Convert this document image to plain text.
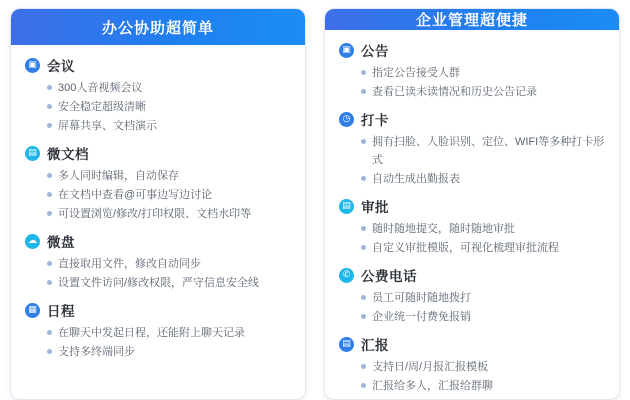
办公协助超简单
▣ 会议
300人音视频会议
安全稳定超级清晰
屏幕共享、文档演示
▤ 微文档
多人同时编辑，自动保存
在文档中查看@可事边写边讨论
可设置浏览/修改/打印权限、文档水印等
☁ 微盘
直接取用文件，修改自动同步
设置文件访问/修改权限，严守信息安全线
▦ 日程
在聊天中发起日程，还能附上聊天记录
支持多终端同步
企业管理超便捷
▣ 公告
指定公告接受人群
查看已读未读情况和历史公告记录
◷ 打卡
拥有扫脸、人脸识别、定位、WIFI等多种打卡形式
自动生成出勤报表
▤ 审批
随时随地提交，随时随地审批
自定义审批模版，可视化梳理审批流程
✆ 公费电话
员工可随时随地拨打
企业统一付费免报销
▤ 汇报
支持日/周/月报汇报模板
汇报给多人，汇报给群聊
